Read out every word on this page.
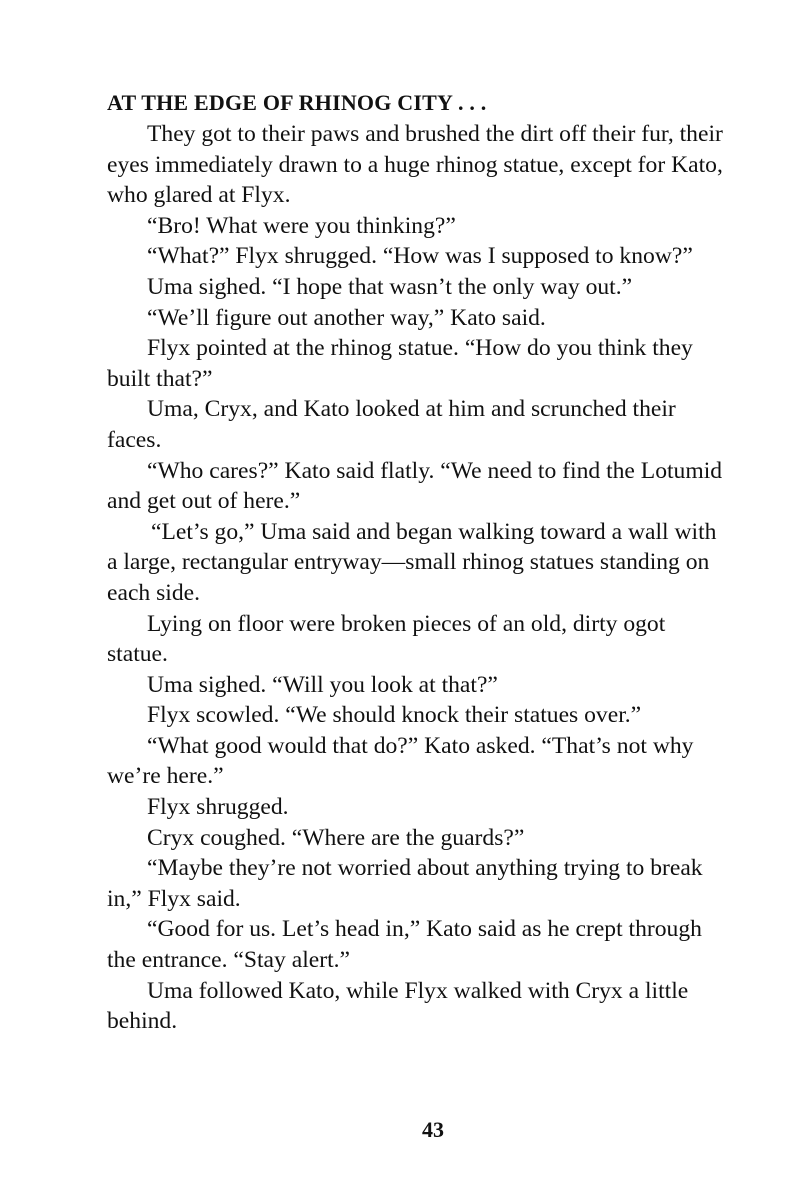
AT THE EDGE OF RHINOG CITY . . .

They got to their paws and brushed the dirt off their fur, their eyes immediately drawn to a huge rhinog statue, except for Kato, who glared at Flyx.

“Bro! What were you thinking?”

“What?” Flyx shrugged. “How was I supposed to know?”

Uma sighed. “I hope that wasn’t the only way out.”

“We’ll figure out another way,” Kato said.

Flyx pointed at the rhinog statue. “How do you think they built that?”

Uma, Cryx, and Kato looked at him and scrunched their faces.

“Who cares?” Kato said flatly. “We need to find the Lotumid and get out of here.”

“Let’s go,” Uma said and began walking toward a wall with a large, rectangular entryway—small rhinog statues standing on each side.

Lying on floor were broken pieces of an old, dirty ogot statue.

Uma sighed. “Will you look at that?”

Flyx scowled. “We should knock their statues over.”

“What good would that do?” Kato asked. “That’s not why we’re here.”

Flyx shrugged.

Cryx coughed. “Where are the guards?”

“Maybe they’re not worried about anything trying to break in,” Flyx said.

“Good for us. Let’s head in,” Kato said as he crept through the entrance. “Stay alert.”

Uma followed Kato, while Flyx walked with Cryx a little behind.

43
